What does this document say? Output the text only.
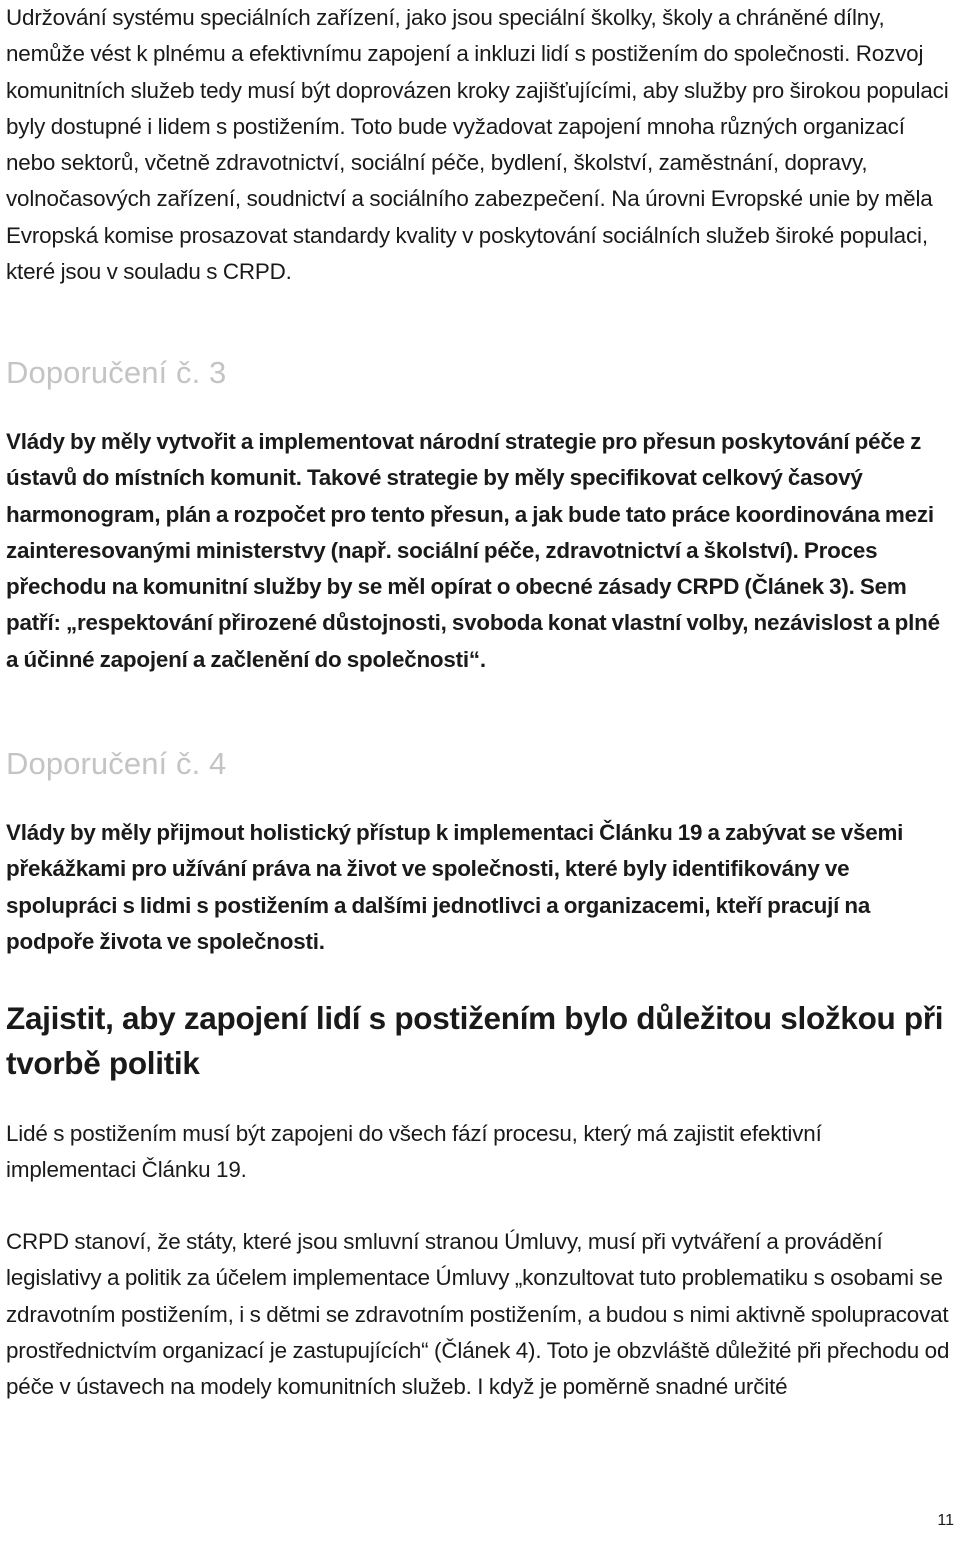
Udržování systému speciálních zařízení, jako jsou speciální školky, školy a chráněné dílny, nemůže vést k plnému a efektivnímu zapojení a inkluzi lidí s postižením do společnosti. Rozvoj komunitních služeb tedy musí být doprovázen kroky zajišťujícími, aby služby pro širokou populaci byly dostupné i lidem s postižením. Toto bude vyžadovat zapojení mnoha různých organizací nebo sektorů, včetně zdravotnictví, sociální péče, bydlení, školství, zaměstnání, dopravy, volnočasových zařízení, soudnictví a sociálního zabezpečení. Na úrovni Evropské unie by měla Evropská komise prosazovat standardy kvality v poskytování sociálních služeb široké populaci, které jsou v souladu s CRPD.

Doporučení č. 3

Vlády by měly vytvořit a implementovat národní strategie pro přesun poskytování péče z ústavů do místních komunit. Takové strategie by měly specifikovat celkový časový harmonogram, plán a rozpočet pro tento přesun, a jak bude tato práce koordinována mezi zainteresovanými ministerstvy (např. sociální péče, zdravotnictví a školství). Proces přechodu na komunitní služby by se měl opírat o obecné zásady CRPD (Článek 3). Sem patří: „respektování přirozené důstojnosti, svoboda konat vlastní volby, nezávislost a plné a účinné zapojení a začlenění do společnosti“.

Doporučení č. 4

Vlády by měly přijmout holistický přístup k implementaci Článku 19 a zabývat se všemi překážkami pro užívání práva na život ve společnosti, které byly identifikovány ve spolupráci s lidmi s postižením a dalšími jednotlivci a organizacemi, kteří pracují na podpoře života ve společnosti.

Zajistit, aby zapojení lidí s postižením bylo důležitou složkou při tvorbě politik

Lidé s postižením musí být zapojeni do všech fází procesu, který má zajistit efektivní implementaci Článku 19.

CRPD stanoví, že státy, které jsou smluvní stranou Úmluvy, musí při vytváření a provádění legislativy a politik za účelem implementace Úmluvy „konzultovat tuto problematiku s osobami se zdravotním postižením, i s dětmi se zdravotním postižením, a budou s nimi aktivně spolupracovat prostřednictvím organizací je zastupujících“ (Článek 4). Toto je obzvláště důležité při přechodu od péče v ústavech na modely komunitních služeb. I když je poměrně snadné určité

11
